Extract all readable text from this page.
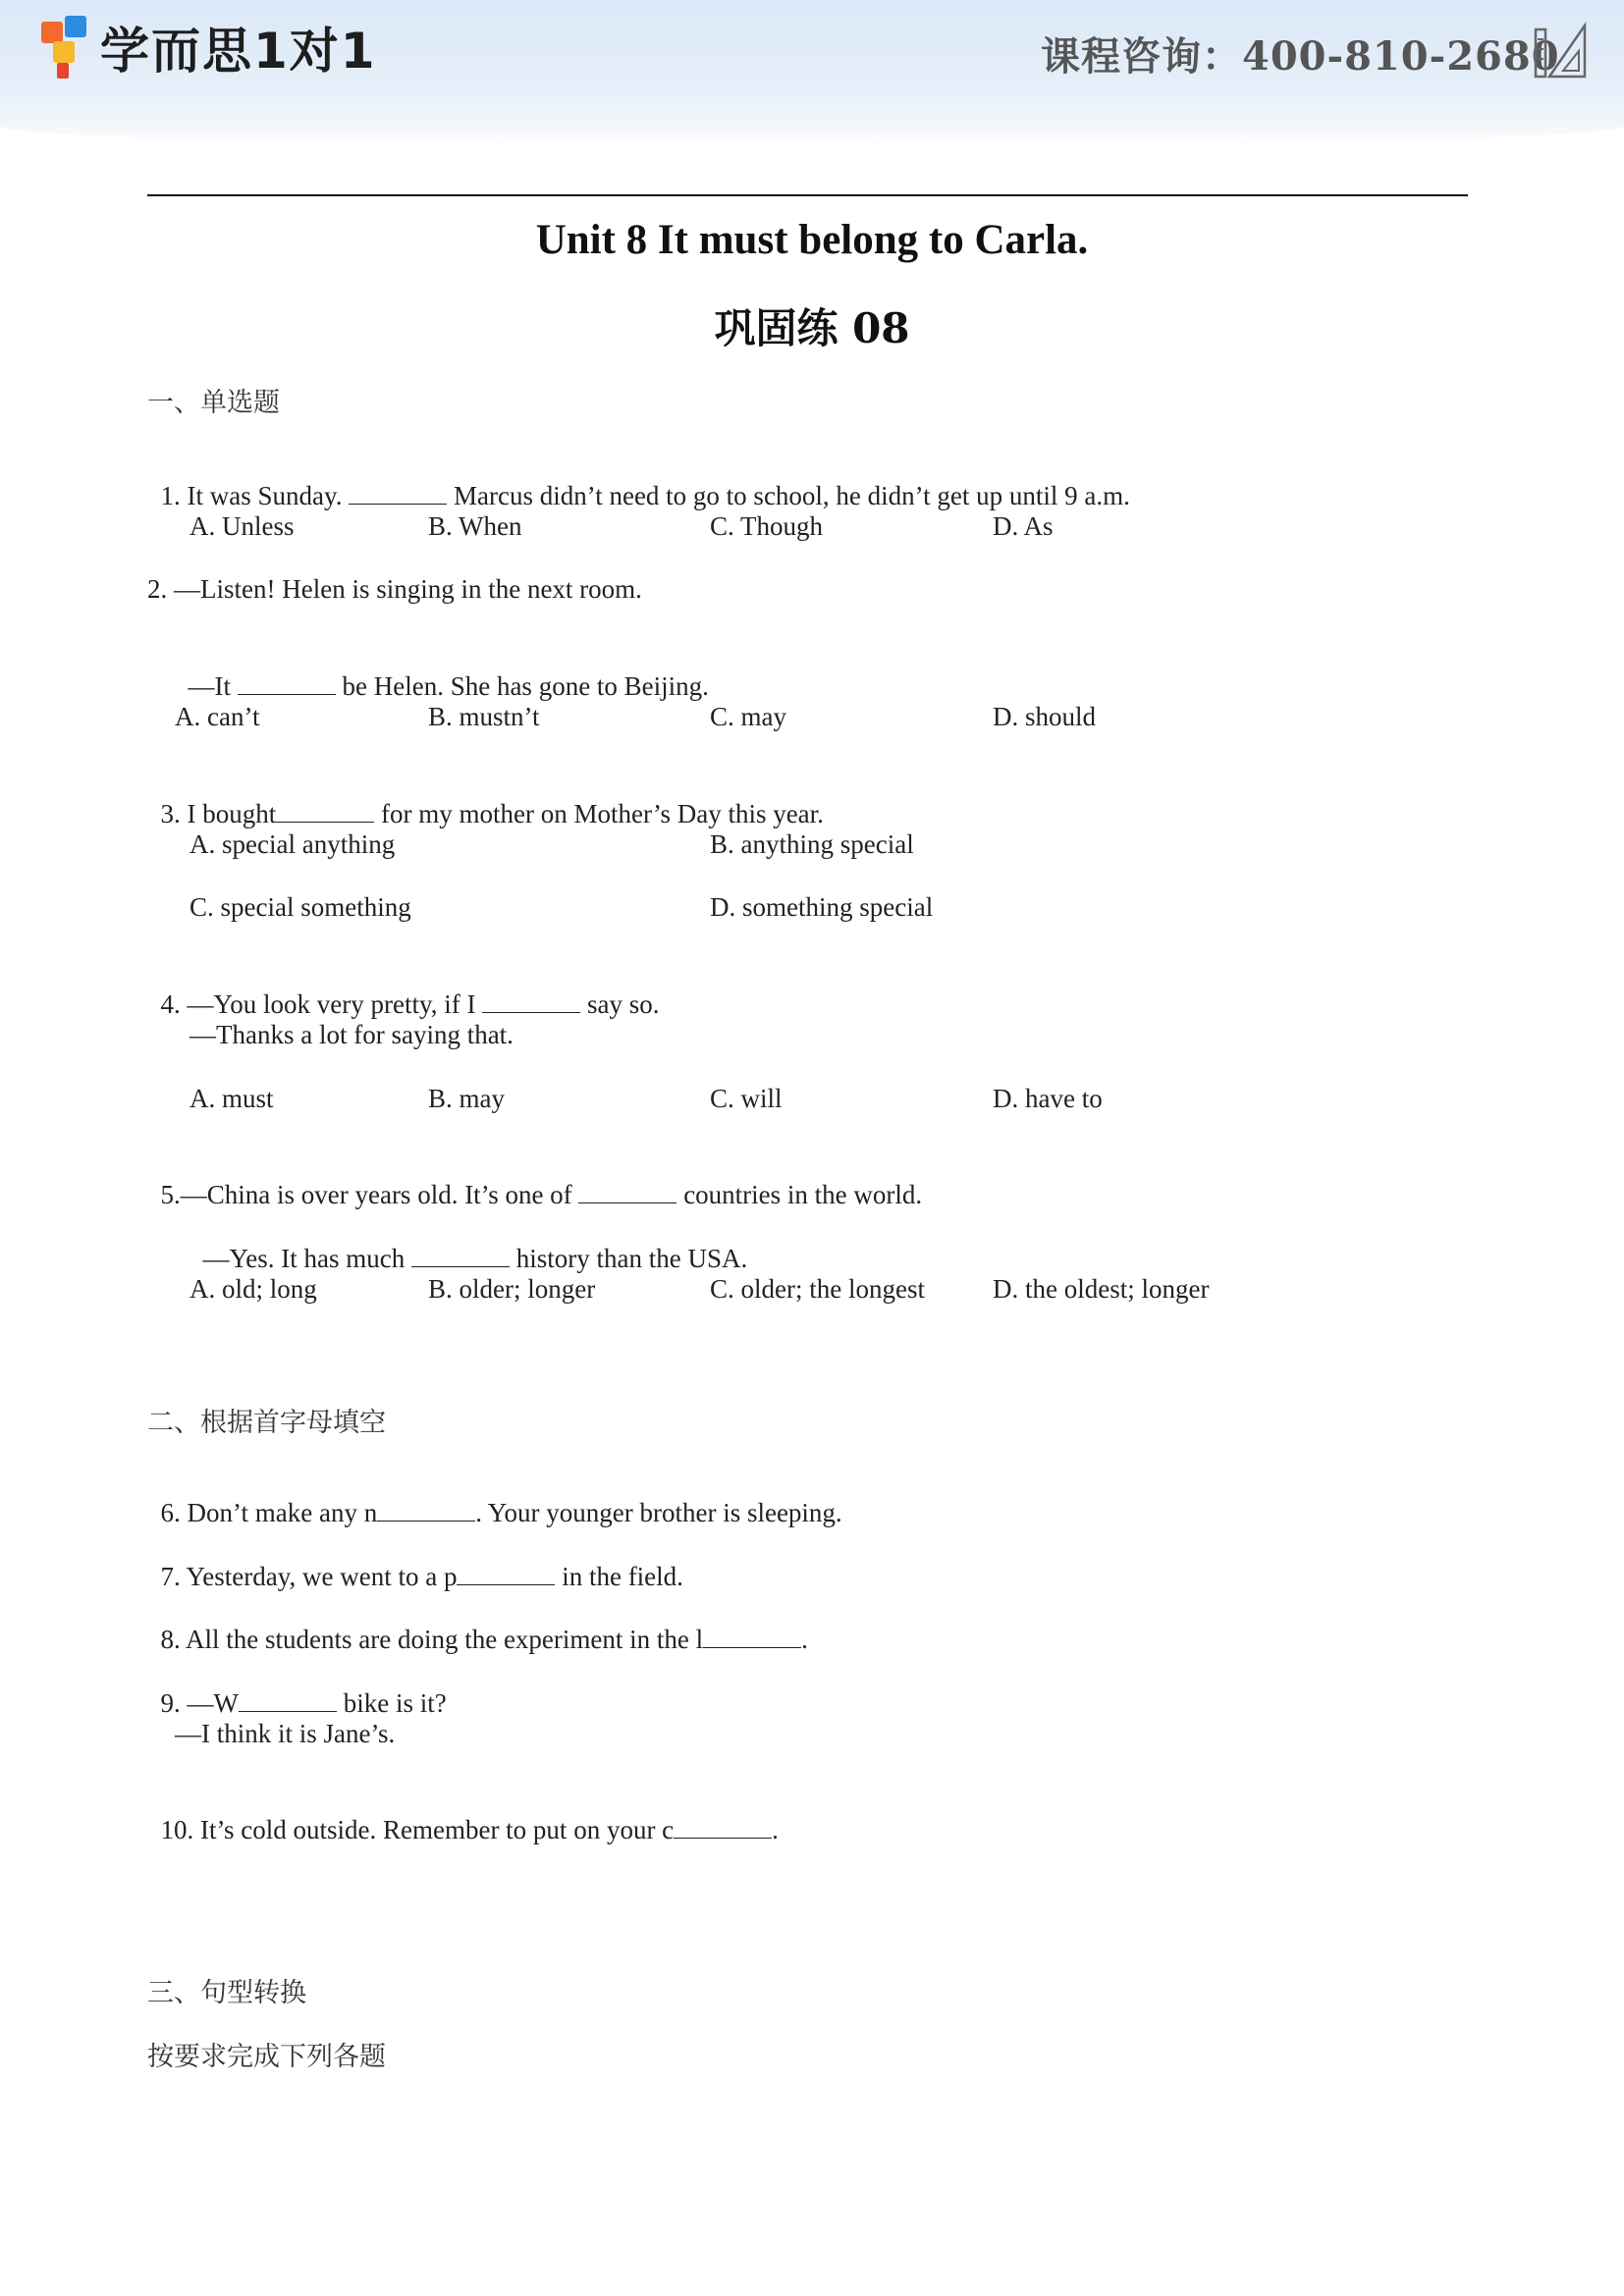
学而思1对1	课程咨询：400-810-2680
Unit 8 It must belong to Carla.
巩固练 08
一、单选题

1. It was Sunday.	Marcus didn’t need to go to school, he didn’t get up until 9 a.m.

A. Unless	B. When	C. Though	D. As
2. —Listen! Helen is singing in the next room.

—It	be Helen. She has gone to Beijing.

A. can’t	B. mustn’t	C. may	D. should

3. I bought	for my mother on Mother’s Day this year.

A. special anything	B. anything special
C. special something	D. something special

4. —You look very pretty, if I	say so.

—Thanks a lot for saying that.
A. must	B. may	C. will	D. have to

5.—China is over years old. It’s one of	countries in the world.

—Yes. It has much	history than the USA.

A. old; long	B. older; longer	C. older; the longest	D. the oldest; longer
二、根据首字母填空

6. Don’t make any n	. Your younger brother is sleeping.

7. Yesterday, we went to a p	in the field.

8. All the students are doing the experiment in the l	.

9. —W	bike is it?

—I think it is Jane’s.

10. It’s cold outside. Remember to put on your c	.

三、句型转换
按要求完成下列各题
